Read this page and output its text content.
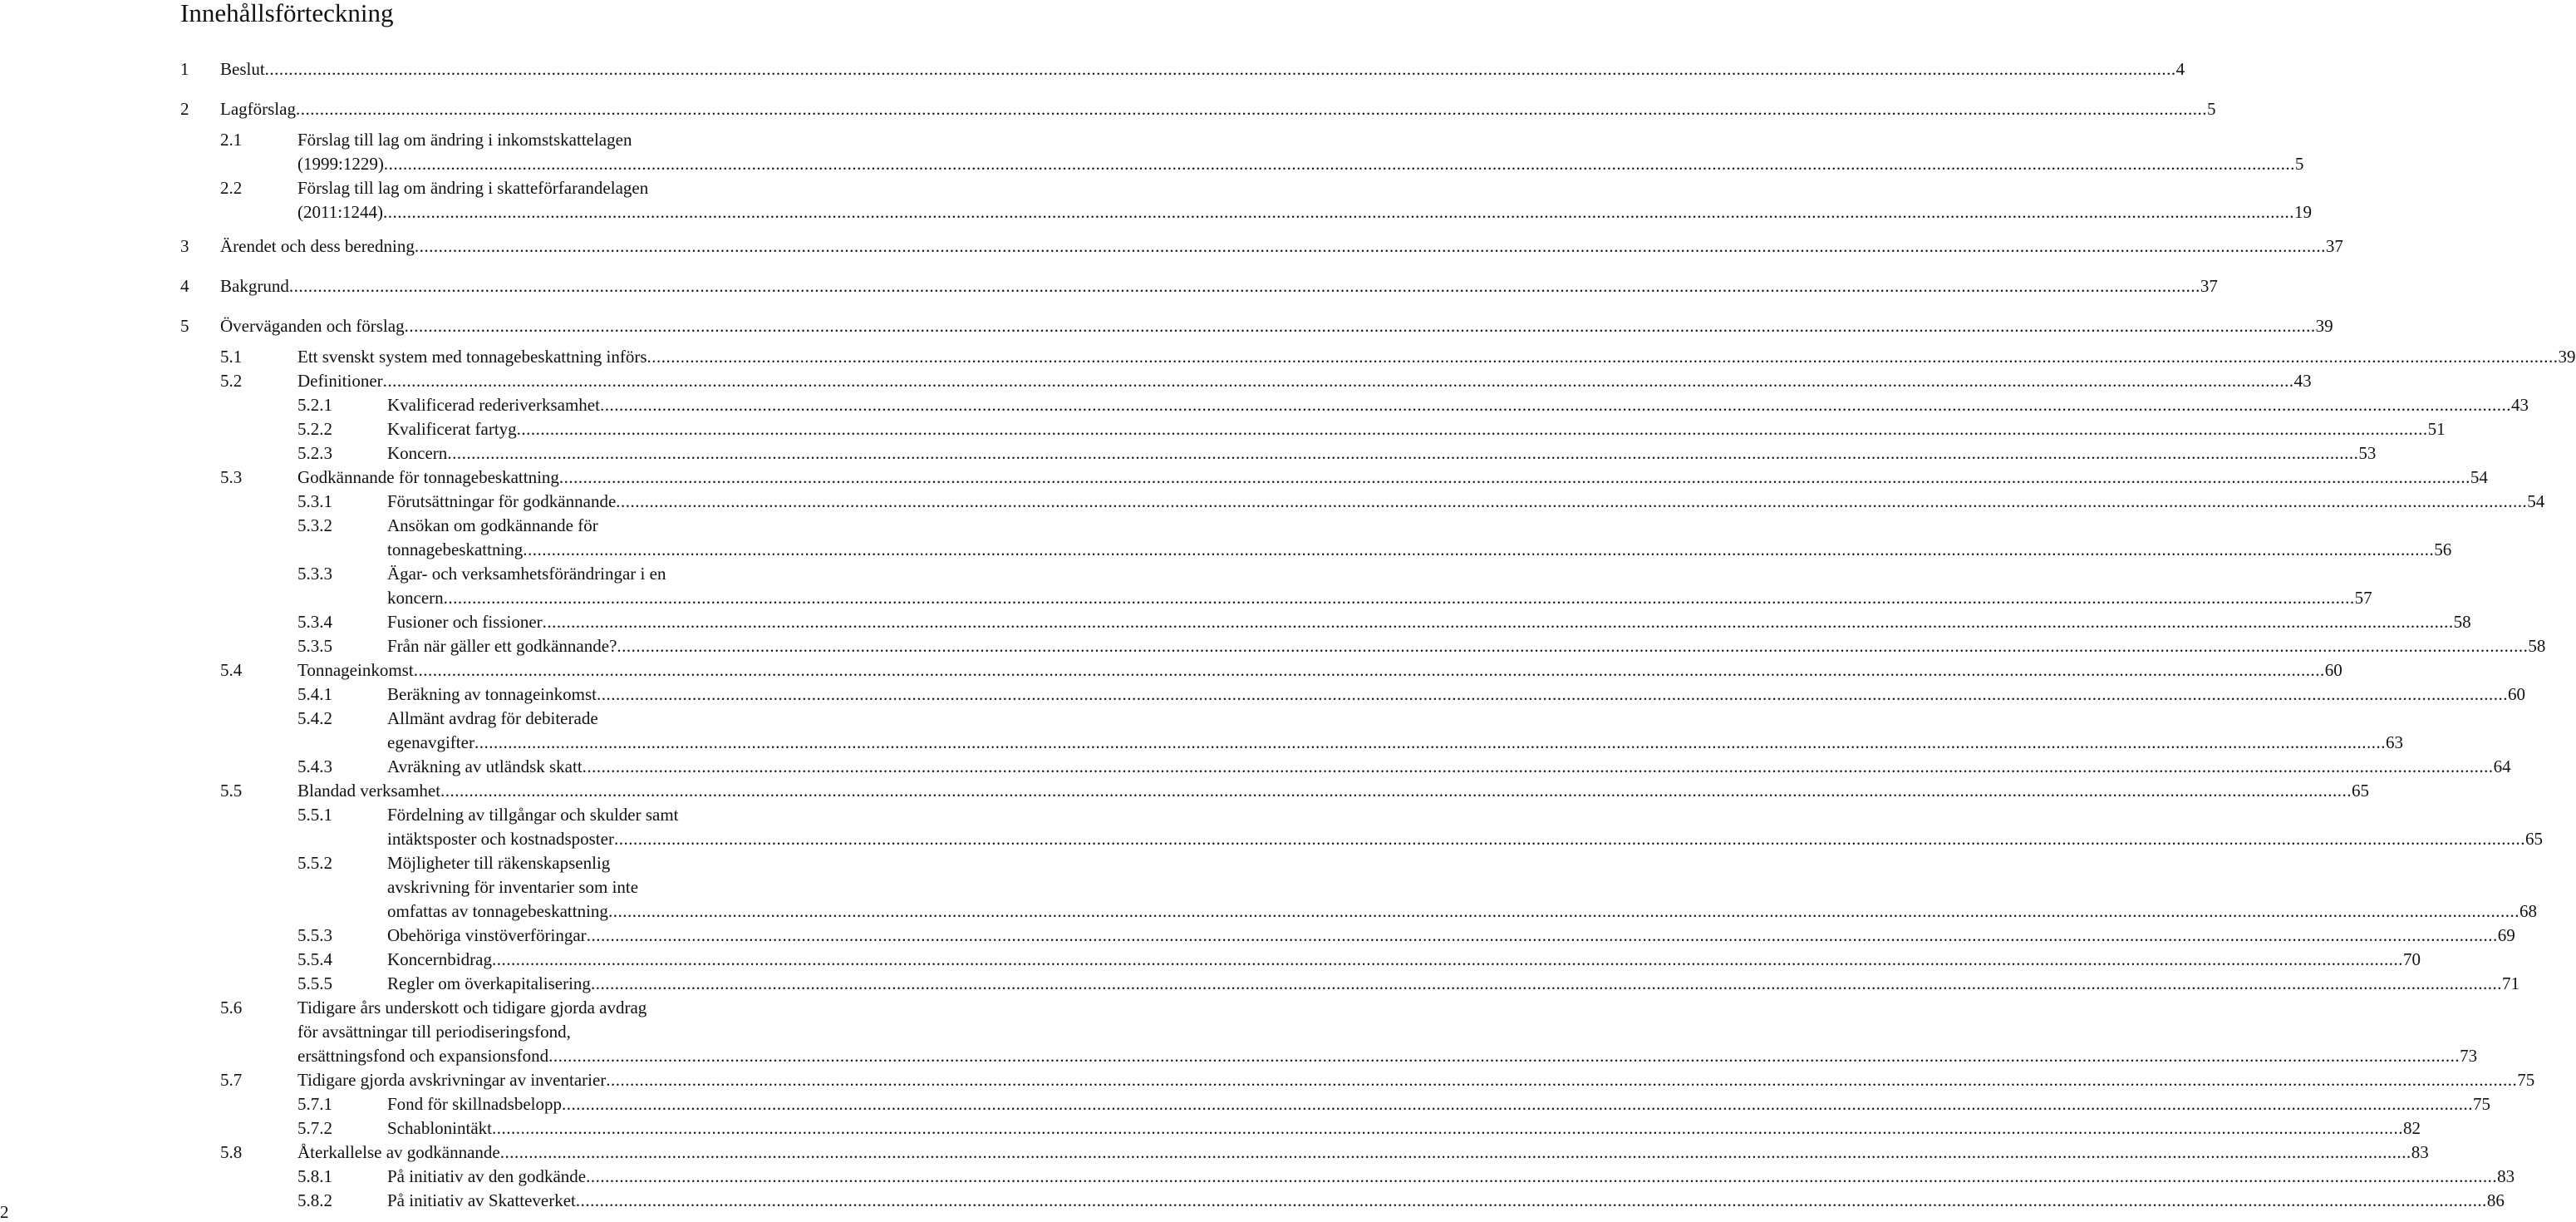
Innehållsförteckning
1 Beslut ................................................................................................................................................................................................................................................................................................................................................................................................................ 4
2 Lagförslag ................................................................................................................................................................................................................................................................................................................................................................................................................ 5
2.1	Förslag till lag om ändring i inkomstskattelagen
(1999:1229) ................................................................................................................................................................................................................................................................................................................................................................................................................ 5
2.2	Förslag till lag om ändring i skatteförfarandelagen
(2011:1244) ................................................................................................................................................................................................................................................................................................................................................................................................................ 19
3 Ärendet och dess beredning ................................................................................................................................................................................................................................................................................................................................................................................................................ 37
4 Bakgrund ................................................................................................................................................................................................................................................................................................................................................................................................................ 37
5 Överväganden och förslag ................................................................................................................................................................................................................................................................................................................................................................................................................ 39
5.1	Ett svenskt system med tonnagebeskattning införs ................................................................................................................................................................................................................................................................................................................................................................................................................ 39
5.2	Definitioner ................................................................................................................................................................................................................................................................................................................................................................................................................ 43
5.2.1	Kvalificerad rederiverksamhet ................................................................................................................................................................................................................................................................................................................................................................................................................ 43
5.2.2	Kvalificerat fartyg ................................................................................................................................................................................................................................................................................................................................................................................................................ 51
5.2.3	Koncern ................................................................................................................................................................................................................................................................................................................................................................................................................ 53
5.3	Godkännande för tonnagebeskattning ................................................................................................................................................................................................................................................................................................................................................................................................................ 54
5.3.1	Förutsättningar för godkännande ................................................................................................................................................................................................................................................................................................................................................................................................................ 54
5.3.2	Ansökan om godkännande för
tonnagebeskattning ................................................................................................................................................................................................................................................................................................................................................................................................................ 56
5.3.3	Ägar- och verksamhetsförändringar i en
koncern ................................................................................................................................................................................................................................................................................................................................................................................................................ 57
5.3.4	Fusioner och fissioner ................................................................................................................................................................................................................................................................................................................................................................................................................ 58
5.3.5	Från när gäller ett godkännande? ................................................................................................................................................................................................................................................................................................................................................................................................................ 58
5.4	Tonnageinkomst ................................................................................................................................................................................................................................................................................................................................................................................................................ 60
5.4.1	Beräkning av tonnageinkomst ................................................................................................................................................................................................................................................................................................................................................................................................................ 60
5.4.2	Allmänt avdrag för debiterade
egenavgifter ................................................................................................................................................................................................................................................................................................................................................................................................................ 63
5.4.3	Avräkning av utländsk skatt ................................................................................................................................................................................................................................................................................................................................................................................................................ 64
5.5	Blandad verksamhet ................................................................................................................................................................................................................................................................................................................................................................................................................ 65
5.5.1	Fördelning av tillgångar och skulder samt
intäktsposter och kostnadsposter ................................................................................................................................................................................................................................................................................................................................................................................................................ 65
5.5.2	Möjligheter till räkenskapsenlig
avskrivning för inventarier som inte
omfattas av tonnagebeskattning ................................................................................................................................................................................................................................................................................................................................................................................................................ 68
5.5.3	Obehöriga vinstöverföringar ................................................................................................................................................................................................................................................................................................................................................................................................................ 69
5.5.4	Koncernbidrag ................................................................................................................................................................................................................................................................................................................................................................................................................ 70
5.5.5	Regler om överkapitalisering ................................................................................................................................................................................................................................................................................................................................................................................................................ 71
5.6	Tidigare års underskott och tidigare gjorda avdrag
för avsättningar till periodiseringsfond,
ersättningsfond och expansionsfond ................................................................................................................................................................................................................................................................................................................................................................................................................ 73
5.7	Tidigare gjorda avskrivningar av inventarier ................................................................................................................................................................................................................................................................................................................................................................................................................ 75
5.7.1	Fond för skillnadsbelopp ................................................................................................................................................................................................................................................................................................................................................................................................................ 75
5.7.2	Schablonintäkt ................................................................................................................................................................................................................................................................................................................................................................................................................ 82
5.8	Återkallelse av godkännande ................................................................................................................................................................................................................................................................................................................................................................................................................ 83
5.8.1	På initiativ av den godkände ................................................................................................................................................................................................................................................................................................................................................................................................................ 83
5.8.2	På initiativ av Skatteverket ................................................................................................................................................................................................................................................................................................................................................................................................................ 86
2
